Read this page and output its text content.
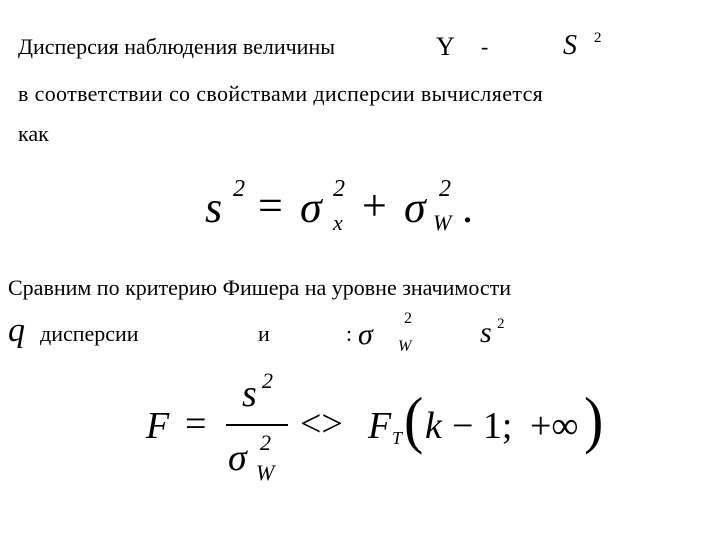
Дисперсия наблюдения величины	Y -	S 2
в соответствии со свойствами дисперсии вычисляется
как
s 2 = σ 2
x + σ 2
W .
Сравним по критерию Фишера на уровне значимости
q дисперсии	и	: σ 2
W s 2
F =
s 2
σ 2
W
<> F T ( k − 1; +∞ )
